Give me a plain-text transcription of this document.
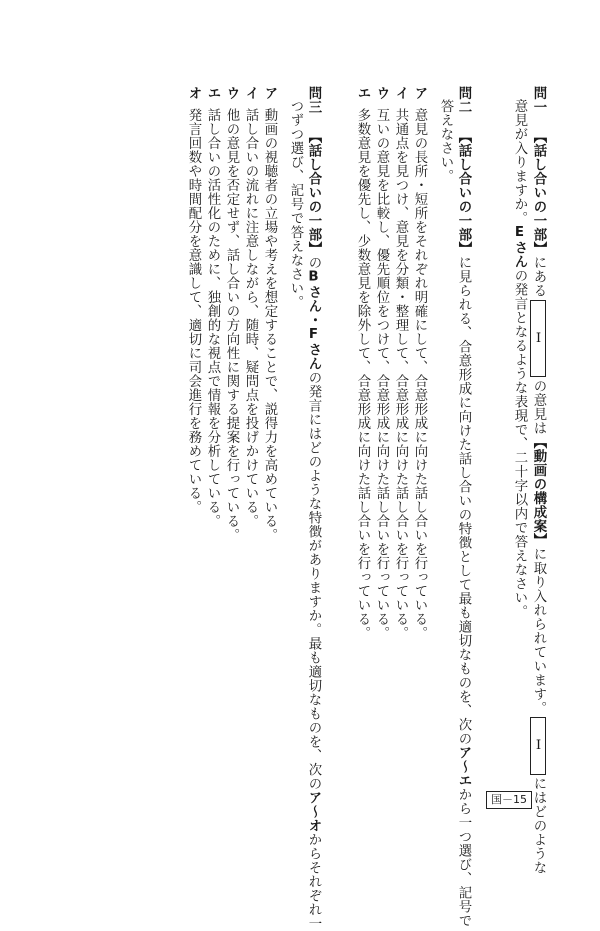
問一 【話し合いの一部】にあるⅠの意見は【動画の構成案】に取り入れられています。Ⅰにはどのような
意見が入りますか。Eさんの発言となるような表現で、二十字以内で答えなさい。
問二 【話し合いの一部】に見られる、合意形成に向けた話し合いの特徴として最も適切なものを、次のア〜エから一つ選び、記号で
答えなさい。
ア意見の長所・短所をそれぞれ明確にして、合意形成に向けた話し合いを行っている。
イ共通点を見つけ、意見を分類・整理して、合意形成に向けた話し合いを行っている。
ウ互いの意見を比較し、優先順位をつけて、合意形成に向けた話し合いを行っている。
エ多数意見を優先し、少数意見を除外して、合意形成に向けた話し合いを行っている。
問三 【話し合いの一部】のBさん・Fさんの発言にはどのような特徴がありますか。最も適切なものを、次のア〜オからそれぞれ一
つずつ選び、記号で答えなさい。
ア動画の視聴者の立場や考えを想定することで、説得力を高めている。
イ話し合いの流れに注意しながら、随時、疑問点を投げかけている。
ウ他の意見を否定せず、話し合いの方向性に関する提案を行っている。
エ話し合いの活性化のために、独創的な視点で情報を分析している。
オ発言回数や時間配分を意識して、適切に司会進行を務めている。
国－15
